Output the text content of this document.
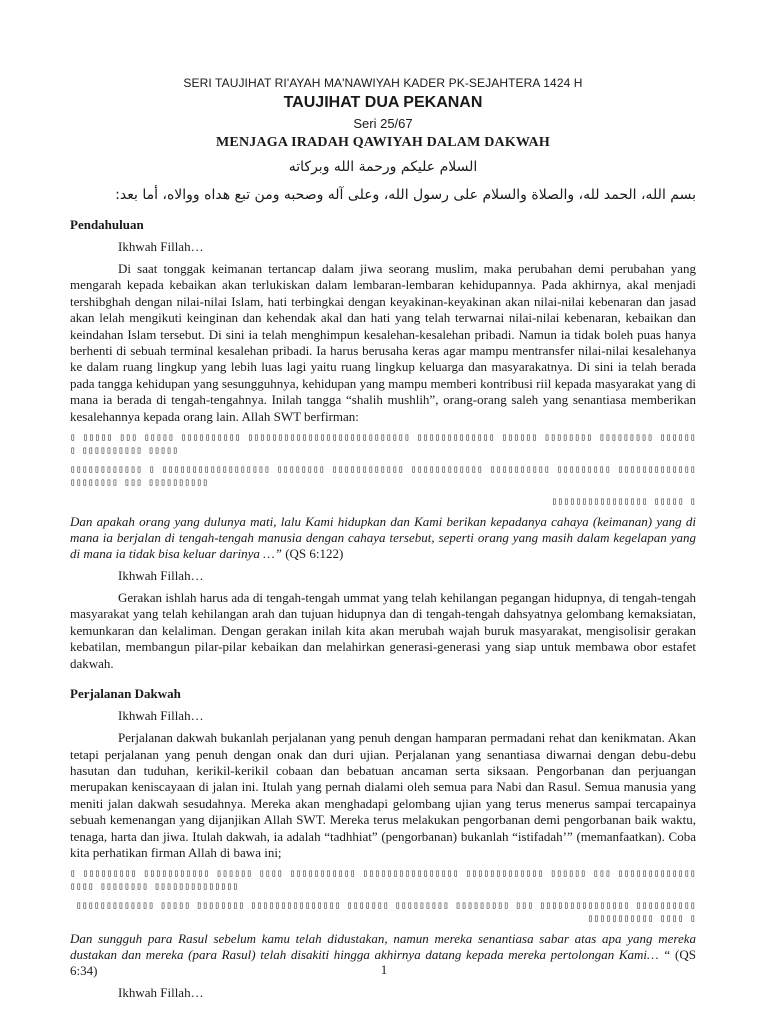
SERI TAUJIHAT RI'AYAH MA'NAWIYAH KADER PK-SEJAHTERA 1424 H
TAUJIHAT DUA PEKANAN
Seri 25/67
MENJAGA IRADAH QAWIYAH DALAM DAKWAH
السلام عليكم ورحمة الله وبركاته
بسم الله، الحمد لله، والصلاة والسلام على رسول الله، وعلى آله وصحبه ومن تبع هداه ووالاه، أما بعد:
Pendahuluan
Ikhwah Fillah…

Di saat tonggak keimanan tertancap dalam jiwa seorang muslim, maka perubahan demi perubahan yang mengarah kepada kebaikan akan terlukiskan dalam lembaran-lembaran kehidupannya. Pada akhirnya, akal menjadi tershibghah dengan nilai-nilai Islam, hati terbingkai dengan keyakinan-keyakinan akan nilai-nilai kebenaran dan jasad akan lelah mengikuti keinginan dan kehendak akal dan hati yang telah terwarnai nilai-nilai kebenaran, kebaikan dan keindahan Islam tersebut. Di sini ia telah menghimpun kesalehan-kesalehan pribadi. Namun ia tidak boleh puas hanya berhenti di sebuah terminal kesalehan pribadi. Ia harus berusaha keras agar mampu mentransfer nilai-nilai kesalehanya ke dalam ruang lingkup yang lebih luas lagi yaitu ruang lingkup keluarga dan masyarakatnya. Di sini ia telah berada pada tangga kehidupan yang sesungguhnya, kehidupan yang mampu memberi kontribusi riil kepada masyarakat yang di mana ia berada di tengah-tengahnya. Inilah tangga “shalih mushlih”, orang-orang saleh yang senantiasa memberikan kesalehannya kepada orang lain. Allah SWT berfirman:

▯ ▯▯▯▯▯ ▯▯▯ ▯▯▯▯▯ ▯▯▯▯▯▯▯▯▯▯ ▯▯▯▯▯▯▯▯▯▯▯▯▯▯▯▯▯▯▯▯▯▯▯▯▯▯▯ ▯▯▯▯▯▯▯▯▯▯▯▯▯ ▯▯▯▯▯▯ ▯▯▯▯▯▯▯▯ ▯▯▯▯▯▯▯▯▯ ▯▯▯▯▯▯ ▯ ▯▯▯▯▯▯▯▯▯▯ ▯▯▯▯▯
▯▯▯▯▯▯▯▯▯▯▯▯ ▯ ▯▯▯▯▯▯▯▯▯▯▯▯▯▯▯▯▯▯ ▯▯▯▯▯▯▯▯ ▯▯▯▯▯▯▯▯▯▯▯▯ ▯▯▯▯▯▯▯▯▯▯▯▯ ▯▯▯▯▯▯▯▯▯▯ ▯▯▯▯▯▯▯▯▯ ▯▯▯▯▯▯▯▯▯▯▯▯▯▯▯▯▯▯▯▯▯ ▯▯▯ ▯▯▯▯▯▯▯▯▯▯
▯▯▯▯▯▯▯▯▯▯▯▯▯▯▯▯ ▯▯▯▯▯ ▯
Dan apakah orang yang dulunya mati, lalu Kami hidupkan dan Kami berikan kepadanya cahaya (keimanan) yang di mana ia berjalan di tengah-tengah manusia dengan cahaya tersebut, seperti orang yang masih dalam kegelapan yang di mana ia tidak bisa keluar darinya …” (QS 6:122)
Ikhwah Fillah…

Gerakan ishlah harus ada di tengah-tengah ummat yang telah kehilangan pegangan hidupnya, di tengah-tengah masyarakat yang telah kehilangan arah dan tujuan hidupnya dan di tengah-tengah dahsyatnya gelombang kemaksiatan, kemunkaran dan kelaliman. Dengan gerakan inilah kita akan merubah wajah buruk masyarakat, mengisolisir gerakan kebatilan, membangun pilar-pilar kebaikan dan melahirkan generasi-generasi yang siap untuk membawa obor estafet dakwah.

Perjalanan Dakwah
Ikhwah Fillah…

Perjalanan dakwah bukanlah perjalanan yang penuh dengan hamparan permadani rehat dan kenikmatan. Akan tetapi perjalanan yang penuh dengan onak dan duri ujian. Perjalanan yang senantiasa diwarnai dengan debu-debu hasutan dan tuduhan, kerikil-kerikil cobaan dan bebatuan ancaman serta siksaan. Pengorbanan dan perjuangan merupakan keniscayaan di jalan ini. Itulah yang pernah dialami oleh semua para Nabi dan Rasul. Semua manusia yang meniti jalan dakwah sesudahnya. Mereka akan menghadapi gelombang ujian yang terus menerus sampai tercapainya sebuah kemenangan yang dijanjikan Allah SWT. Mereka terus melakukan pengorbanan demi pengorbanan baik waktu, tenaga, harta dan jiwa. Itulah dakwah, ia adalah “tadhhiat” (pengorbanan) bukanlah “istifadah’” (memanfaatkan). Coba kita perhatikan firman Allah di bawa ini;

▯ ▯▯▯▯▯▯▯▯▯ ▯▯▯▯▯▯▯▯▯▯▯ ▯▯▯▯▯▯ ▯▯▯▯ ▯▯▯▯▯▯▯▯▯▯▯ ▯▯▯▯▯▯▯▯▯▯▯▯▯▯▯▯ ▯▯▯▯▯▯▯▯▯▯▯▯▯ ▯▯▯▯▯▯ ▯▯▯ ▯▯▯▯▯▯▯▯▯▯▯▯▯▯▯▯▯ ▯▯▯▯▯▯▯▯ ▯▯▯▯▯▯▯▯▯▯▯▯▯▯
▯▯▯▯▯▯▯▯▯▯▯▯▯ ▯▯▯▯▯ ▯▯▯▯▯▯▯▯ ▯▯▯▯▯▯▯▯▯▯▯▯▯▯▯ ▯▯▯▯▯▯▯ ▯▯▯▯▯▯▯▯▯ ▯▯▯▯▯▯▯▯▯ ▯▯▯ ▯▯▯▯▯▯▯▯▯▯▯▯▯▯▯ ▯▯▯▯▯▯▯▯▯▯▯▯▯▯▯▯▯▯▯▯▯ ▯▯▯▯ ▯
Dan sungguh para Rasul sebelum kamu telah didustakan, namun mereka senantiasa sabar atas apa yang mereka dustakan dan mereka (para Rasul) telah disakiti hingga akhirnya datang kepada mereka pertolongan Kami… “ (QS 6:34)
Ikhwah Fillah…
1
